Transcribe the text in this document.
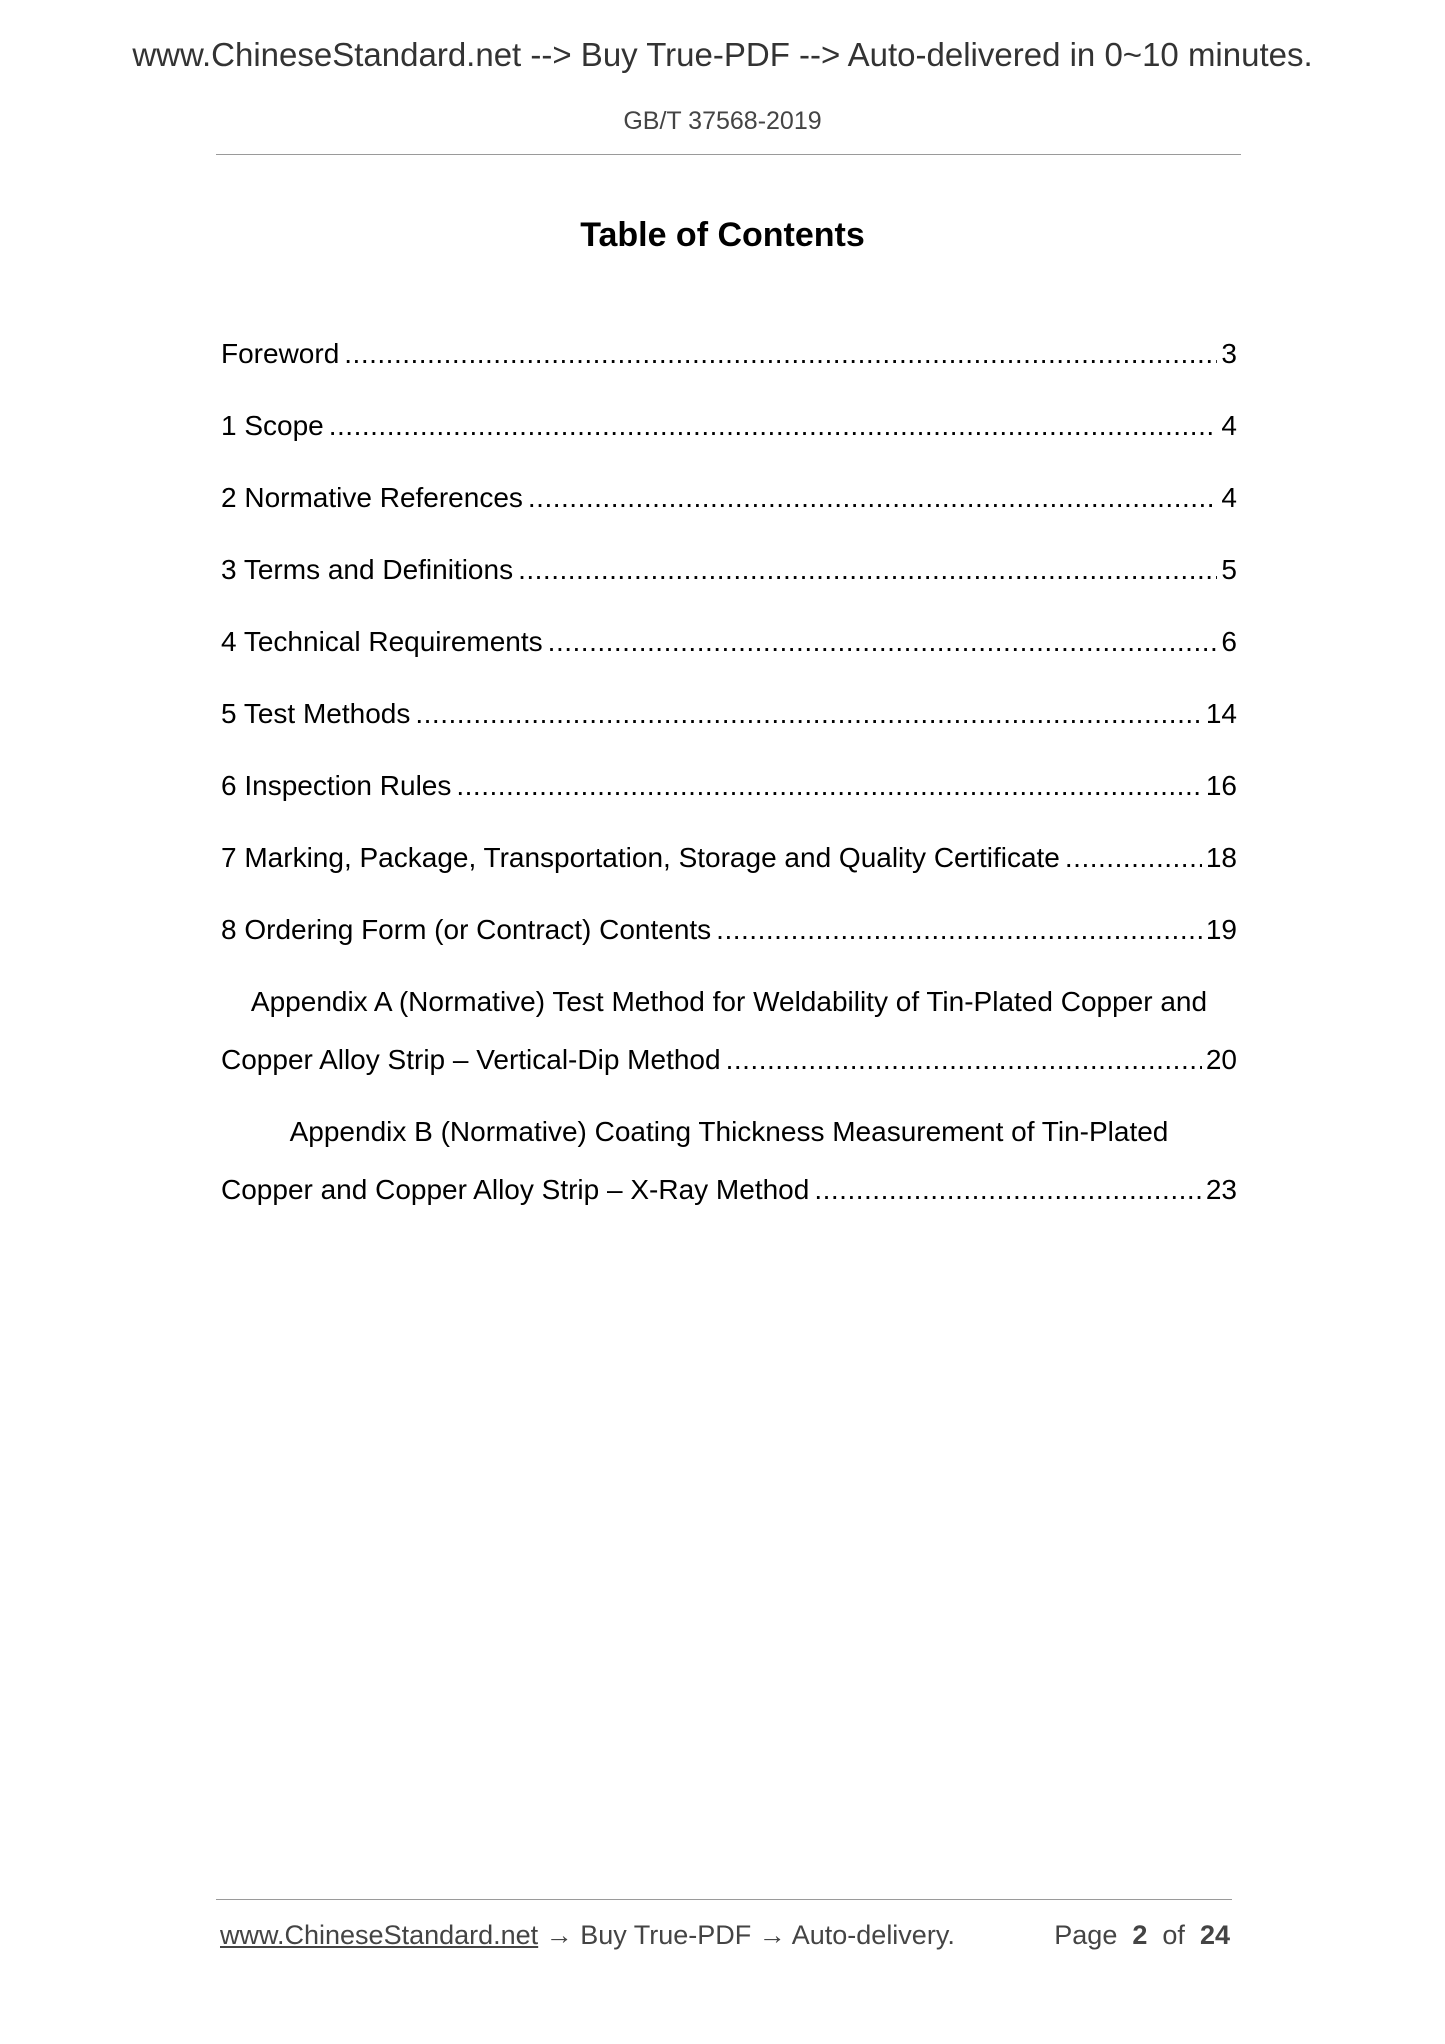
www.ChineseStandard.net --> Buy True-PDF --> Auto-delivered in 0~10 minutes.
GB/T 37568-2019
Table of Contents
Foreword .....	3
1 Scope .....	4
2 Normative References .....	4
3 Terms and Definitions .....	5
4 Technical Requirements .....	6
5 Test Methods .....	14
6 Inspection Rules .....	16
7 Marking, Package, Transportation, Storage and Quality Certificate .....	18
8 Ordering Form (or Contract) Contents .....	19
Appendix A (Normative) Test Method for Weldability of Tin-Plated Copper and
Copper Alloy Strip – Vertical-Dip Method .....	20
Appendix B (Normative) Coating Thickness Measurement of Tin-Plated
Copper and Copper Alloy Strip – X-Ray Method .....	23
www.ChineseStandard.net → Buy True-PDF → Auto-delivery.	Page 2 of 24
